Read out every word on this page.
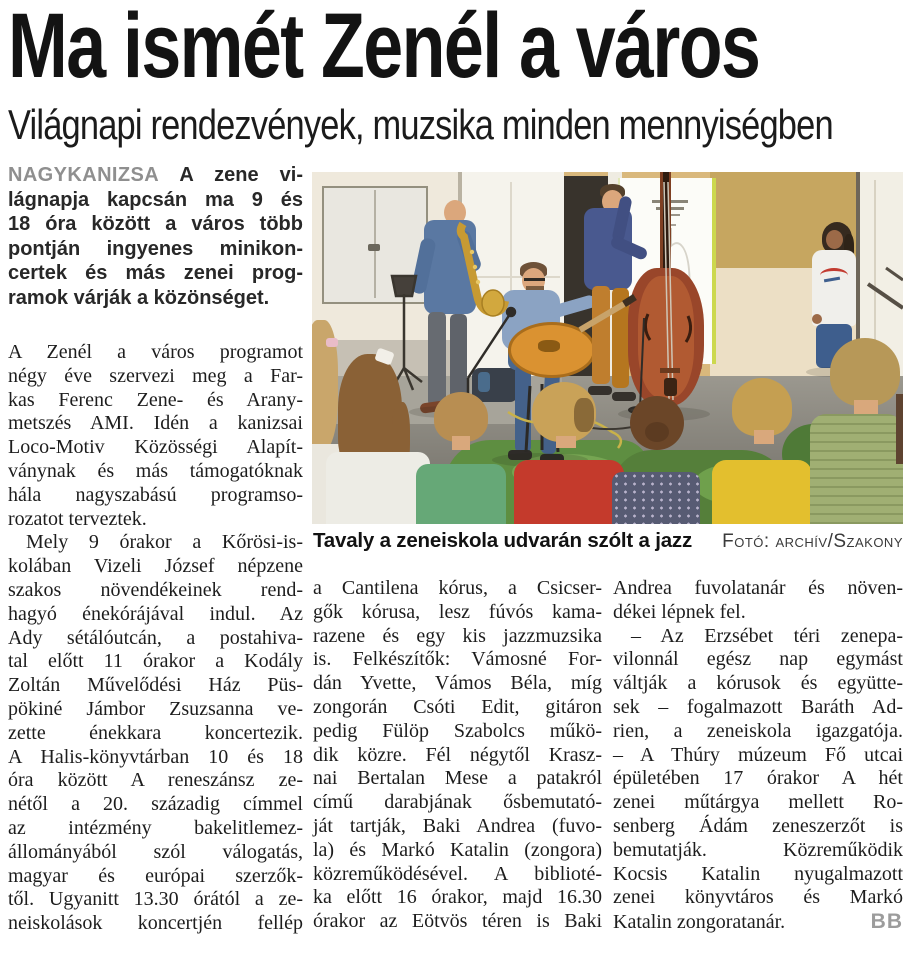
Ma ismét Zenél a város
Világnapi rendezvények, muzsika minden mennyiségben
NAGYKANIZSA A zene vi-
lágnapja kapcsán ma 9 és
18 óra között a város több
pontján ingyenes minikon-
certek és más zenei prog-
ramok várják a közönséget.
A Zenél a város programot
négy éve szervezi meg a Far-
kas Ferenc Zene- és Arany-
metszés AMI. Idén a kanizsai
Loco-Motiv Közösségi Alapít-
ványnak és más támogatóknak
hála nagyszabású programso-
rozatot terveztek.
Mely 9 órakor a Kőrösi-is-
kolában Vizeli József népzene
szakos növendékeinek rend-
hagyó énekórájával indul. Az
Ady sétálóutcán, a postahiva-
tal előtt 11 órakor a Kodály
Zoltán Művelődési Ház Püs-
pökiné Jámbor Zsuzsanna ve-
zette énekkara koncertezik.
A Halis-könyvtárban 10 és 18
óra között A reneszánsz ze-
nétől a 20. századig címmel
az intézmény bakelitlemez-
állományából szól válogatás,
magyar és európai szerzők-
től. Ugyanitt 13.30 órától a ze-
neiskolások koncertjén fellép
Tavaly a zeneiskola udvarán szólt a jazz Fotó: archív/Szakony
a Cantilena kórus, a Csicser-
gők kórusa, lesz fúvós kama-
razene és egy kis jazzmuzsika
is. Felkészítők: Vámosné For-
dán Yvette, Vámos Béla, míg
zongorán Csóti Edit, gitáron
pedig Fülöp Szabolcs műkö-
dik közre. Fél négytől Krasz-
nai Bertalan Mese a patakról
című darabjának ősbemutató-
ját tartják, Baki Andrea (fuvo-
la) és Markó Katalin (zongora)
közreműködésével. A biblioté-
ka előtt 16 órakor, majd 16.30
órakor az Eötvös téren is Baki
Andrea fuvolatanár és növen-
dékei lépnek fel.
– Az Erzsébet téri zenepa-
vilonnál egész nap egymást
váltják a kórusok és együtte-
sek – fogalmazott Baráth Ad-
rien, a zeneiskola igazgatója.
– A Thúry múzeum Fő utcai
épületében 17 órakor A hét
zenei műtárgya mellett Ro-
senberg Ádám zeneszerzőt is
bemutatják. Közreműködik
Kocsis Katalin nyugalmazott
zenei könyvtáros és Markó
Katalin zongoratanár.	BB
